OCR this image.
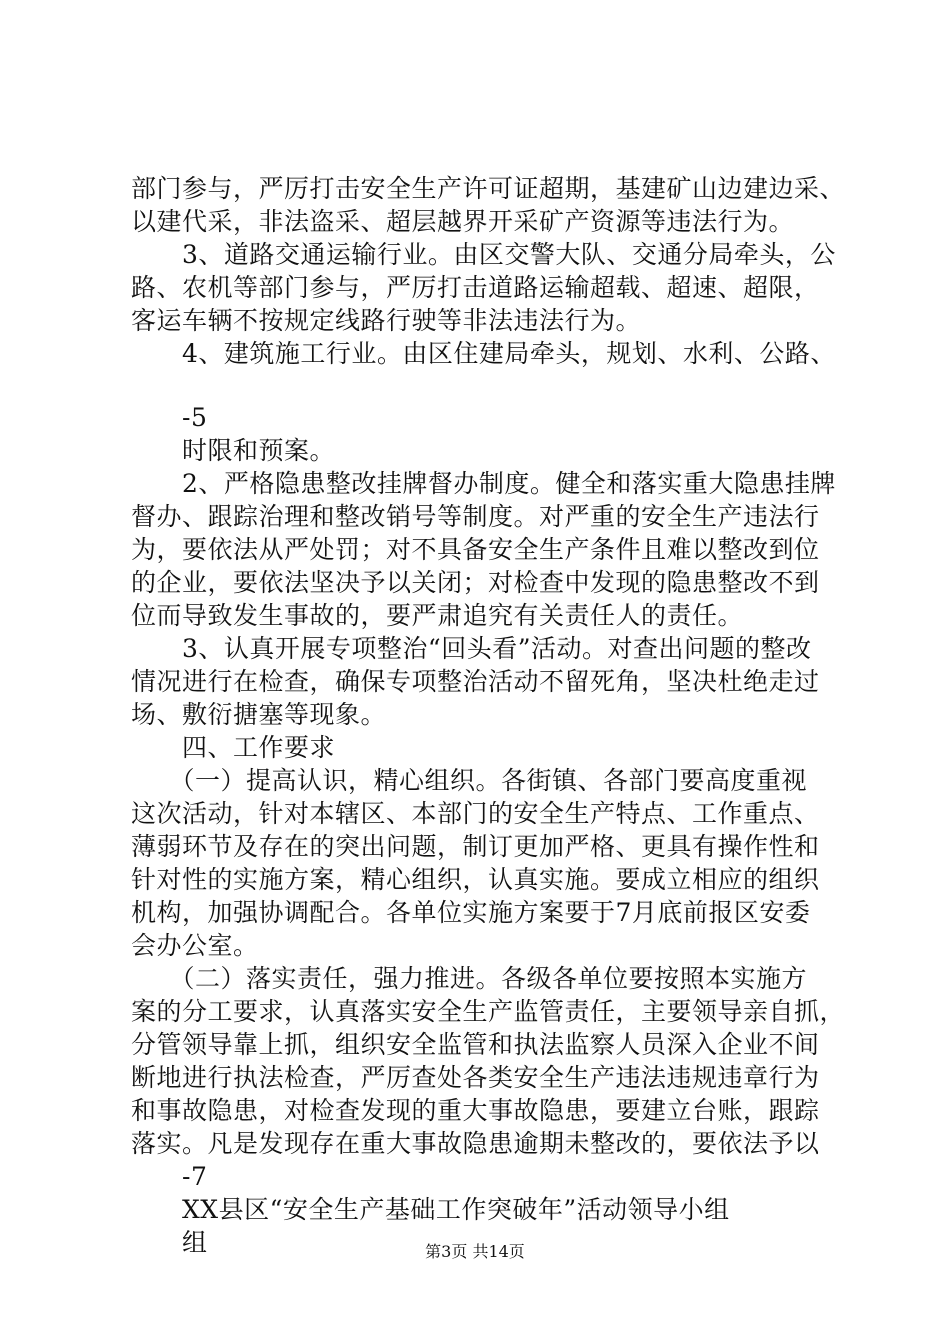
部门参与，严厉打击安全生产许可证超期，基建矿山边建边采、
以建代采，非法盗采、超层越界开采矿产资源等违法行为。
　　3、道路交通运输行业。由区交警大队、交通分局牵头，公
路、农机等部门参与，严厉打击道路运输超载、超速、超限，
客运车辆不按规定线路行驶等非法违法行为。
　　4、建筑施工行业。由区住建局牵头，规划、水利、公路、
　　-5
　　时限和预案。
　　2、严格隐患整改挂牌督办制度。健全和落实重大隐患挂牌
督办、跟踪治理和整改销号等制度。对严重的安全生产违法行
为，要依法从严处罚；对不具备安全生产条件且难以整改到位
的企业，要依法坚决予以关闭；对检查中发现的隐患整改不到
位而导致发生事故的，要严肃追究有关责任人的责任。
　　3、认真开展专项整治“回头看”活动。对查出问题的整改
情况进行在检查，确保专项整治活动不留死角，坚决杜绝走过
场、敷衍搪塞等现象。
　　四、工作要求
　　（一）提高认识，精心组织。各街镇、各部门要高度重视
这次活动，针对本辖区、本部门的安全生产特点、工作重点、
薄弱环节及存在的突出问题，制订更加严格、更具有操作性和
针对性的实施方案，精心组织，认真实施。要成立相应的组织
机构，加强协调配合。各单位实施方案要于7月底前报区安委
会办公室。
　　（二）落实责任，强力推进。各级各单位要按照本实施方
案的分工要求，认真落实安全生产监管责任，主要领导亲自抓，
分管领导靠上抓，组织安全监管和执法监察人员深入企业不间
断地进行执法检查，严厉查处各类安全生产违法违规违章行为
和事故隐患，对检查发现的重大事故隐患，要建立台账，跟踪
落实。凡是发现存在重大事故隐患逾期未整改的，要依法予以
　　-7
　　XX县区“安全生产基础工作突破年”活动领导小组
　　组	第3页 共14页
